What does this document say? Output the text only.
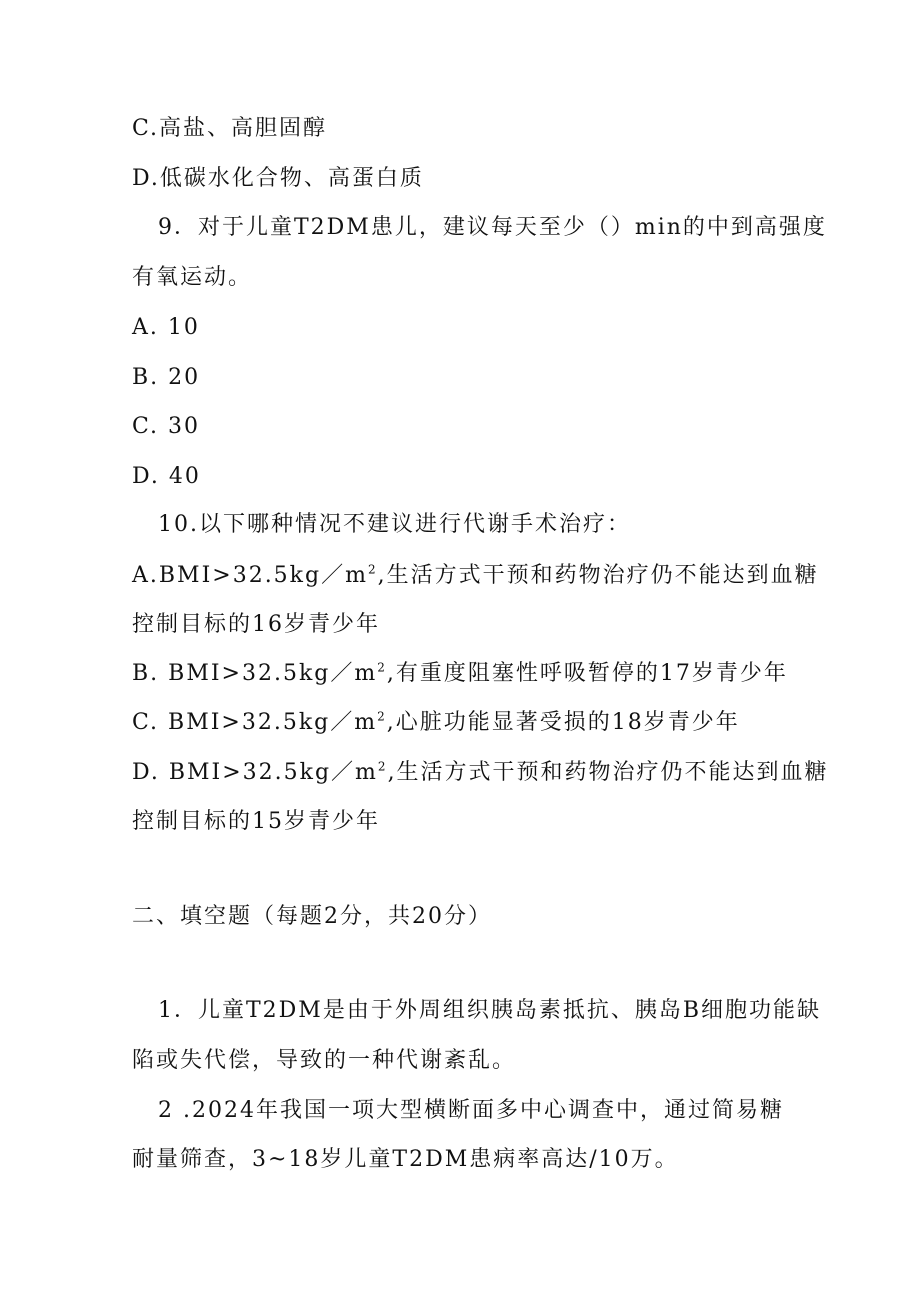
C.高盐、高胆固醇
D.低碳水化合物、高蛋白质
9．对于儿童T2DM患儿，建议每天至少（）min的中到高强度
有氧运动。
A. 10
B. 20
C. 30
D. 40
10.以下哪种情况不建议进行代谢手术治疗：
$A.BMI>32.5kg/m^2$,生活方式干预和药物治疗仍不能达到血糖
控制目标的16岁青少年
B. $BMI>32.5kg/m^2$,有重度阻塞性呼吸暂停的17岁青少年
C. $BMI>32.5kg/m^2$,心脏功能显著受损的18岁青少年
D. $BMI>32.5kg/m^2$,生活方式干预和药物治疗仍不能达到血糖
控制目标的15岁青少年
二、填空题（每题2分，共20分）
1．儿童T2DM是由于外周组织胰岛素抵抗、胰岛B细胞功能缺
陷或失代偿，导致的一种代谢紊乱。
2 .2024年我国一项大型横断面多中心调查中，通过简易糖
耐量筛查，3~18岁儿童T2DM患病率高达/10万。
